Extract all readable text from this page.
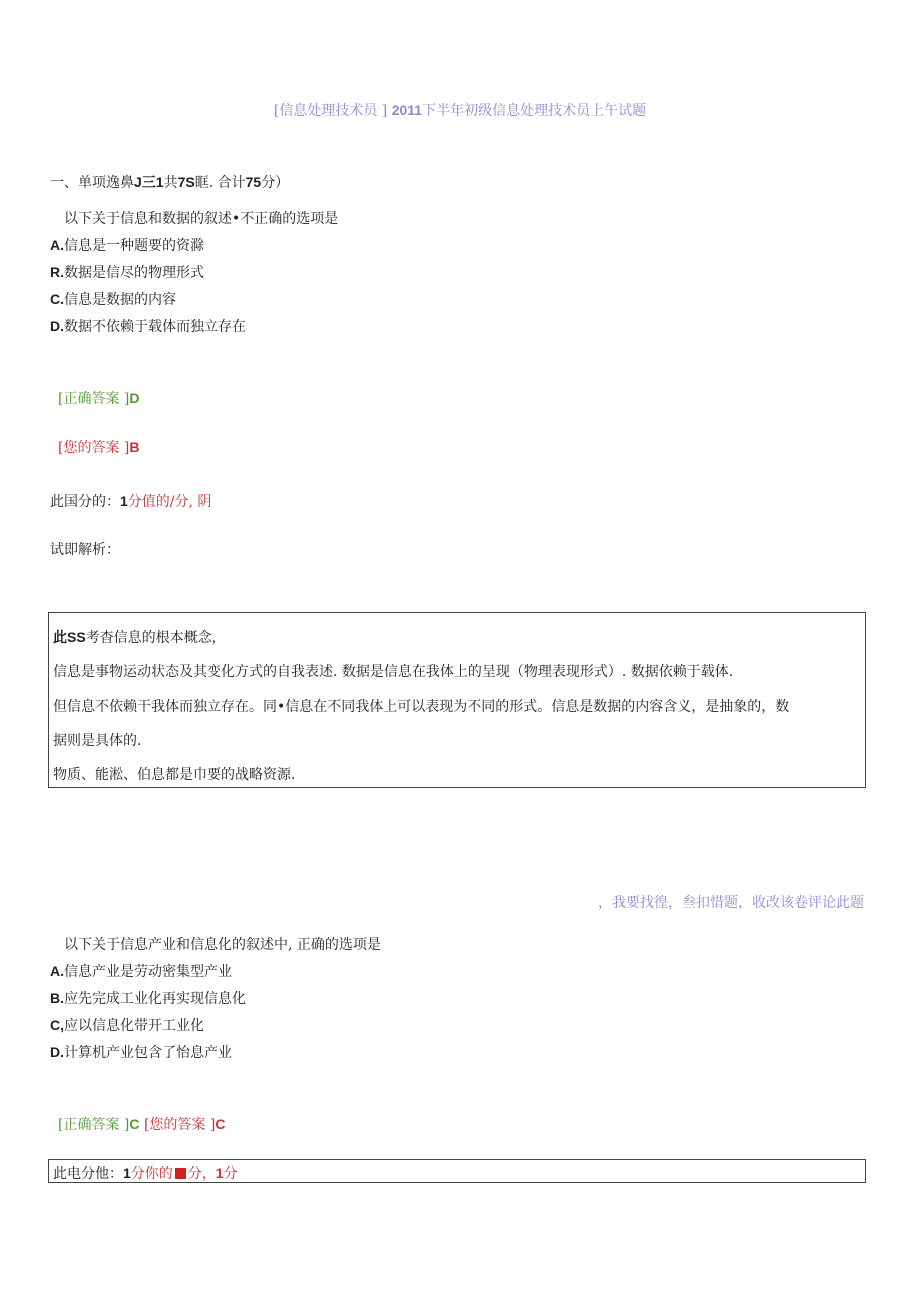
[信息处理技术员 ] 2011下半年初级信息处理技术员上午试题
一、单项逸鼻J三1共7S眶. 合计75分）
以下关于信息和数据的叙述•不正确的选项是
A.信息是一种题要的资滁
R.数据是信尽的物理形式
C.信息是数据的内容
D.数据不依赖于载体而独立存在
[正确答案 ]D
[您的答案 ]B
此国分的：1分值的/分, 阴
试即解析：
此SS考杳信息的根本概念，
信息是事物运动状态及其变化方式的自我表述. 数据是信息在我体上的呈现（物理表现形式）. 数据依赖于载体.
但信息不依赖干我体而独立存在。同•信息在不同我体上可以表现为不同的形式。信息是数据的内容含义，是抽象的，数
据则是具体的.
物质、能淞、伯息都是巾要的战略资源.
，我要找徨，叁扣惜题，收改该卷评论此题
以下关于信息产业和信息化的叙述中, 正确的选项是
A.信息产业是劳动密集型产业
B.应先完成工业化再实现信息化
C,应以信息化带开工业化
D.计算机产业包含了怡息产业
[正确答案 ]C [您的答案 ]C
此电分他：1分你的 分，1分
